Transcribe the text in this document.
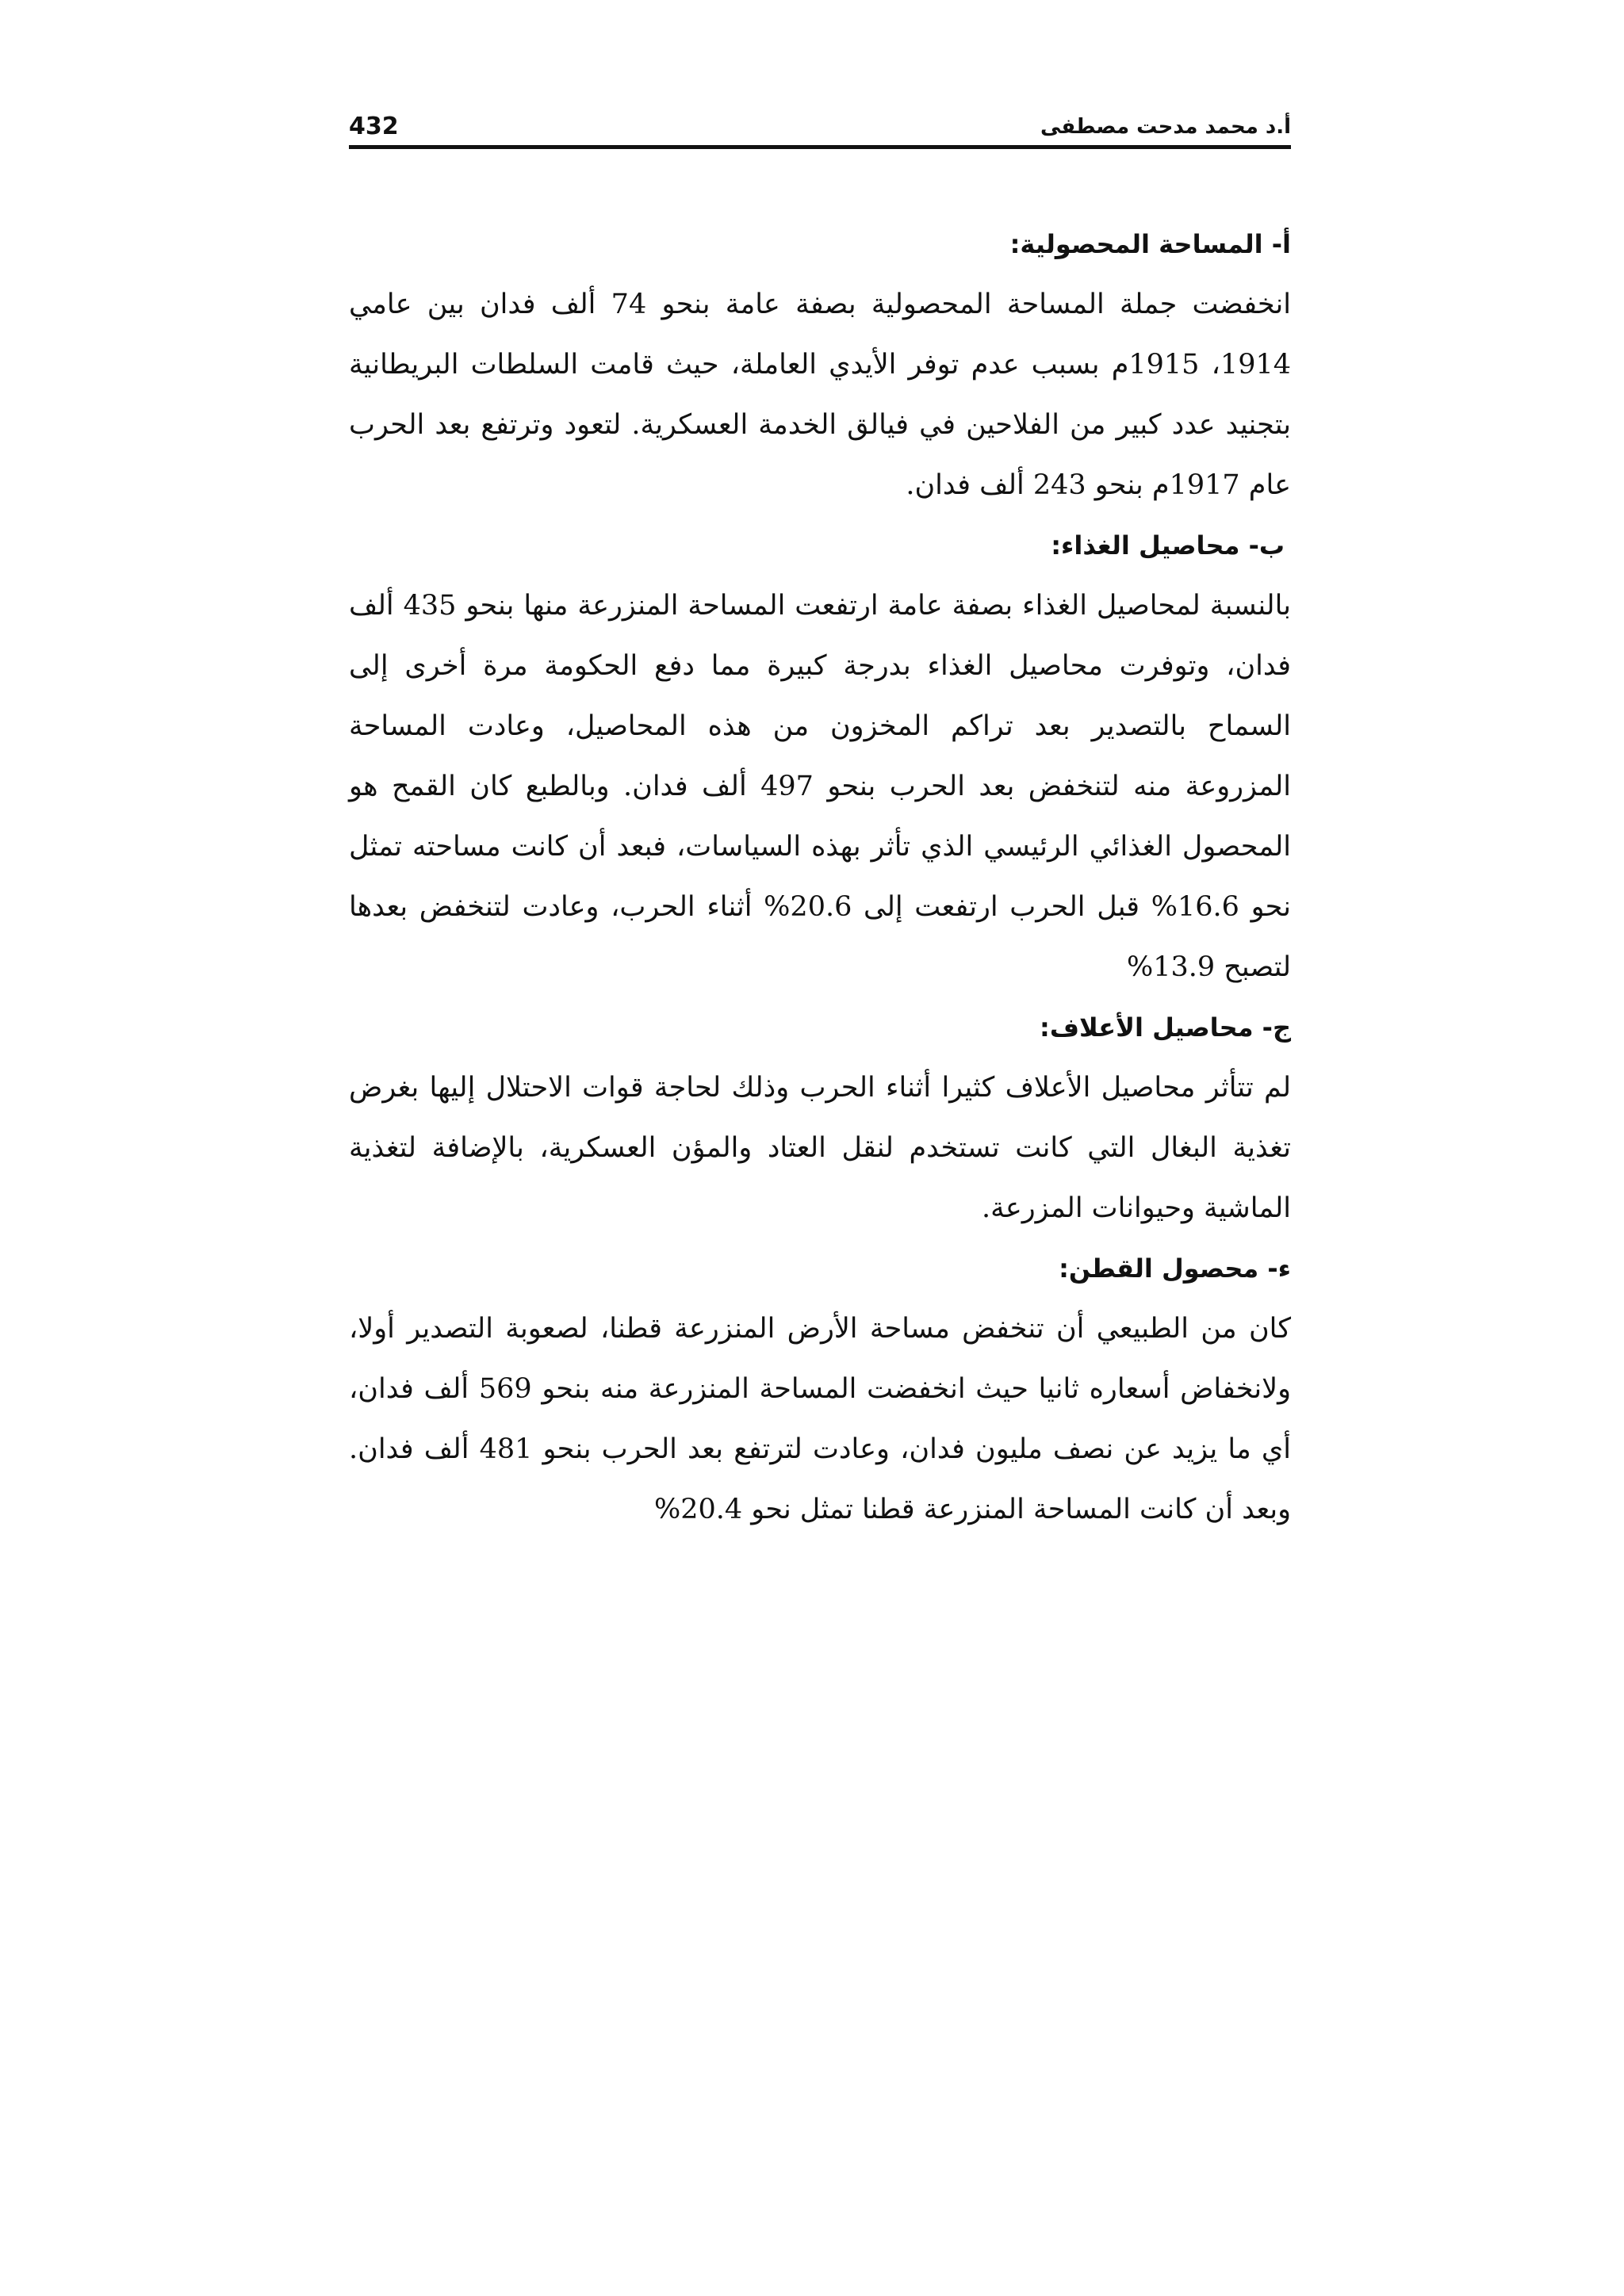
432	أ.د محمد مدحت مصطفى
أ- المساحة المحصولية:

انخفضت جملة المساحة المحصولية بصفة عامة بنحو 74 ألف فدان بين عامي 1914، 1915م بسبب عدم توفر الأيدي العاملة، حيث قامت السلطات البريطانية بتجنيد عدد كبير من الفلاحين في فيالق الخدمة العسكرية. لتعود وترتفع بعد الحرب عام 1917م بنحو 243 ألف فدان.

ب- محاصيل الغذاء:

بالنسبة لمحاصيل الغذاء بصفة عامة ارتفعت المساحة المنزرعة منها بنحو 435 ألف فدان، وتوفرت محاصيل الغذاء بدرجة كبيرة مما دفع الحكومة مرة أخرى إلى السماح بالتصدير بعد تراكم المخزون من هذه المحاصيل، وعادت المساحة المزروعة منه لتنخفض بعد الحرب بنحو 497 ألف فدان. وبالطبع كان القمح هو المحصول الغذائي الرئيسي الذي تأثر بهذه السياسات، فبعد أن كانت مساحته تمثل نحو 16.6% قبل الحرب ارتفعت إلى 20.6% أثناء الحرب، وعادت لتنخفض بعدها لتصبح 13.9%

ج- محاصيل الأعلاف:

لم تتأثر محاصيل الأعلاف كثيرا أثناء الحرب وذلك لحاجة قوات الاحتلال إليها بغرض تغذية البغال التي كانت تستخدم لنقل العتاد والمؤن العسكرية، بالإضافة لتغذية الماشية وحيوانات المزرعة.

ء- محصول القطن:

كان من الطبيعي أن تنخفض مساحة الأرض المنزرعة قطنا، لصعوبة التصدير أولا، ولانخفاض أسعاره ثانيا حيث انخفضت المساحة المنزرعة منه بنحو 569 ألف فدان، أي ما يزيد عن نصف مليون فدان، وعادت لترتفع بعد الحرب بنحو 481 ألف فدان. وبعد أن كانت المساحة المنزرعة قطنا تمثل نحو 20.4%
